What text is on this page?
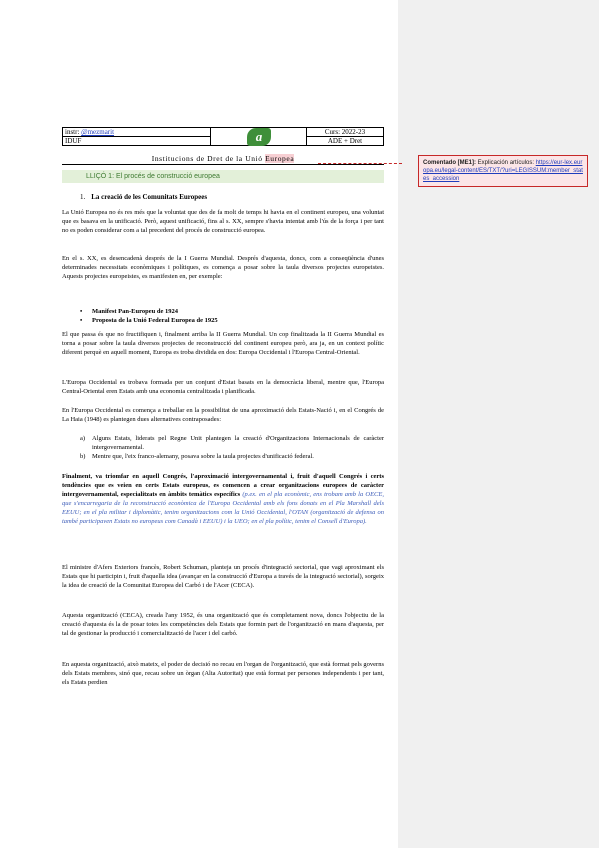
instr: @mezmarit
IDUF	a	Curs: 2022-23
ADE + Dret
Institucions de Dret de la Unió Europea
LLIÇÓ 1: El procés de construcció europea
1. La creació de les Comunitats Europees

La Unió Europea no és res més que la voluntat que des de fa molt de temps hi havia en el continent europeu, una voluntat que es basava en la unificació. Però, aquest unificació, fins al s. XX, sempre s'havia intentat amb l'ús de la força i per tant no es poden considerar com a tal precedent del procés de construcció europea.

En el s. XX, es desencadenà després de la I Guerra Mundial. Després d'aquesta, doncs, com a conseqüència d'unes determinades necessitats econòmiques i polítiques, es comença a posar sobre la taula diversos projectes europeistes. Aquests projectes europeistes, es manifesten en, per exemple:

• Manifest Pan-Europeu de 1924
• Proposta de la Unió Federal Europea de 1925

El que passa és que no fructifiquen i, finalment arriba la II Guerra Mundial. Un cop finalitzada la II Guerra Mundial es torna a posar sobre la taula diversos projectes de reconstrucció del continent europeu però, ara ja, en un context polític diferent perquè en aquell moment, Europa es troba dividida en dos: Europa Occidental i l'Europa Central-Oriental.

L'Europa Occidental es trobava formada per un conjunt d'Estat basats en la democràcia liberal, mentre que, l'Europa Central-Oriental eren Estats amb una economia centralitzada i planificada.

En l'Europa Occidental es comença a treballar en la possibilitat de una aproximació dels Estats-Nació i, en el Congrés de La Haia (1948) es plantegen dues alternatives contraposades:

a) Alguns Estats, liderats pel Regne Unit plantegen la creació d'Organitzacions Internacionals de caràcter intergovernamental.
b) Mentre que, l'eix franco-alemany, posava sobre la taula projectes d'unificació federal.

Finalment, va triomfar en aquell Congrés, l'aproximació intergovernamental i, fruit d'aquell Congrés i certs tendències que es veien en certs Estats europeus, es comencen a crear organitzacions europees de caràcter intergovernamental, especialitzats en àmbits temàtics específics (p.ex. en el pla econòmic, ens trobam amb la OECE, que s'encarregaria de la reconstrucció econòmica de l'Europa Occidental amb els fons donats en el Pla Marshall dels EEUU; en el pla militar i diplomàtic, tenim organitzacions com la Unió Occidental, l'OTAN (organització de defensa on també participaven Estats no europeus com Canadà i EEUU) i la UEO; en el pla polític, tenim el Consell d'Europa).

El ministre d'Afers Exteriors francès, Robert Schuman, planteja un procés d'integració sectorial, que vagi aproximant els Estats que hi participin i, fruit d'aquella idea (avançar en la construcció d'Europa a través de la integració sectorial), sorgeix la idea de creació de la Comunitat Europea del Carbó i de l'Acer (CECA).

Aquesta organització (CECA), creada l'any 1952, és una organització que és completament nova, doncs l'objectiu de la creació d'aquesta és la de posar totes les competències dels Estats que formin part de l'organització en mans d'aquesta, per tal de gestionar la producció i comercialització de l'acer i del carbó.

En aquesta organització, això mateix, el poder de decisió no recau en l'organ de l'organització, que està format pels governs dels Estats membres, sinó que, recau sobre un òrgan (Alta Autoritat) que està format per persones independents i per tant, els Estats perdien

Comentado [ME1]: Explicación artículos: https://eur-lex.europa.eu/legal-content/ES/TXT/?uri=LEGISSUM:member_states_accession
